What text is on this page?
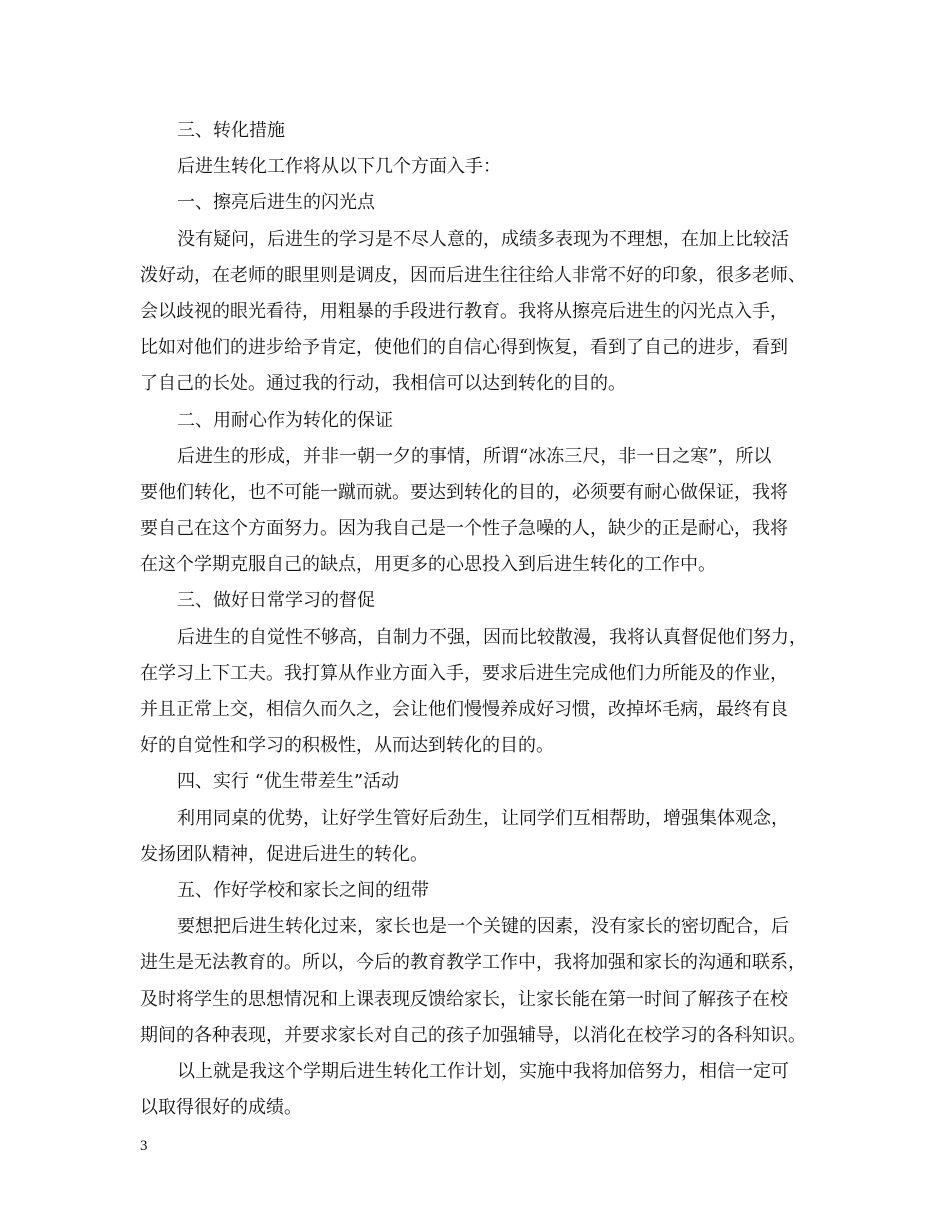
三、转化措施
后进生转化工作将从以下几个方面入手：
一、擦亮后进生的闪光点
没有疑问，后进生的学习是不尽人意的，成绩多表现为不理想，在加上比较活
泼好动，在老师的眼里则是调皮，因而后进生往往给人非常不好的印象，很多老师、
会以歧视的眼光看待，用粗暴的手段进行教育。我将从擦亮后进生的闪光点入手，
比如对他们的进步给予肯定，使他们的自信心得到恢复，看到了自己的进步，看到
了自己的长处。通过我的行动，我相信可以达到转化的目的。
二、用耐心作为转化的保证
后进生的形成，并非一朝一夕的事情，所谓“冰冻三尺，非一日之寒”，所以
要他们转化，也不可能一蹴而就。要达到转化的目的，必须要有耐心做保证，我将
要自己在这个方面努力。因为我自己是一个性子急噪的人，缺少的正是耐心，我将
在这个学期克服自己的缺点，用更多的心思投入到后进生转化的工作中。
三、做好日常学习的督促
后进生的自觉性不够高，自制力不强，因而比较散漫，我将认真督促他们努力，
在学习上下工夫。我打算从作业方面入手，要求后进生完成他们力所能及的作业，
并且正常上交，相信久而久之，会让他们慢慢养成好习惯，改掉坏毛病，最终有良
好的自觉性和学习的积极性，从而达到转化的目的。
四、实行 “优生带差生”活动
利用同桌的优势，让好学生管好后劲生，让同学们互相帮助，增强集体观念，
发扬团队精神，促进后进生的转化。
五、作好学校和家长之间的纽带
要想把后进生转化过来，家长也是一个关键的因素，没有家长的密切配合，后
进生是无法教育的。所以，今后的教育教学工作中，我将加强和家长的沟通和联系，
及时将学生的思想情况和上课表现反馈给家长，让家长能在第一时间了解孩子在校
期间的各种表现，并要求家长对自己的孩子加强辅导，以消化在校学习的各科知识。
以上就是我这个学期后进生转化工作计划，实施中我将加倍努力，相信一定可
以取得很好的成绩。
3
